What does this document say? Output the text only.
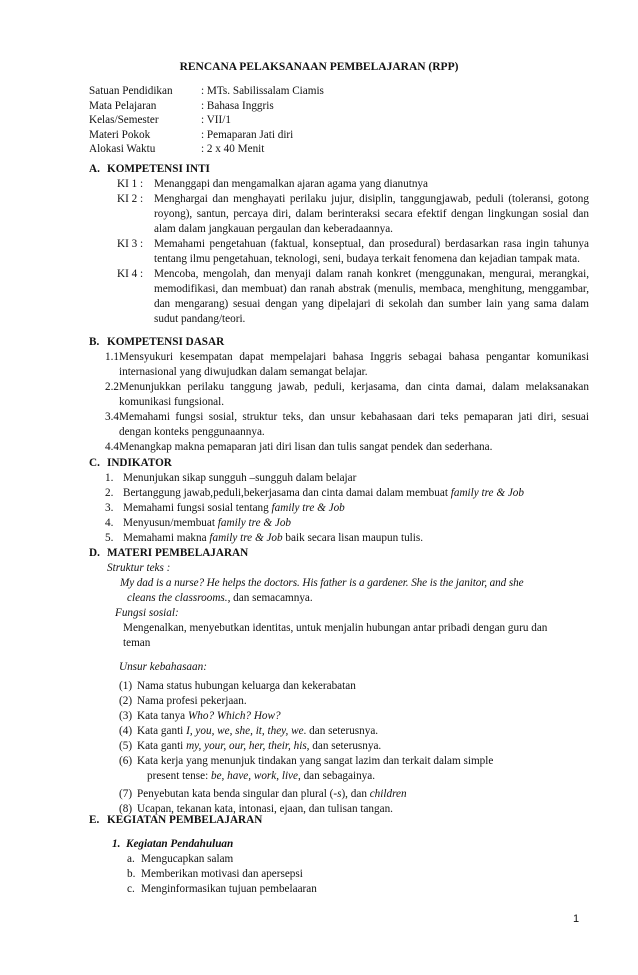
RENCANA PELAKSANAAN PEMBELAJARAN (RPP)
Satuan Pendidikan	: MTs. Sabilissalam Ciamis
Mata Pelajaran	: Bahasa Inggris
Kelas/Semester	: VII/1
Materi Pokok	: Pemaparan Jati diri
Alokasi Waktu	: 2 x 40 Menit
A. KOMPETENSI INTI
KI 1 : Menanggapi dan mengamalkan ajaran agama yang dianutnya
KI 2 : Menghargai dan menghayati perilaku jujur, disiplin, tanggungjawab, peduli (toleransi, gotong royong), santun, percaya diri, dalam berinteraksi secara efektif dengan lingkungan sosial dan alam dalam jangkauan pergaulan dan keberadaannya.
KI 3 : Memahami pengetahuan (faktual, konseptual, dan prosedural) berdasarkan rasa ingin tahunya tentang ilmu pengetahuan, teknologi, seni, budaya terkait fenomena dan kejadian tampak mata.
KI 4 : Mencoba, mengolah, dan menyaji dalam ranah konkret (menggunakan, mengurai, merangkai, memodifikasi, dan membuat) dan ranah abstrak (menulis, membaca, menghitung, menggambar, dan mengarang) sesuai dengan yang dipelajari di sekolah dan sumber lain yang sama dalam sudut pandang/teori.
B. KOMPETENSI DASAR
1.1 Mensyukuri kesempatan dapat mempelajari bahasa Inggris sebagai bahasa pengantar komunikasi internasional yang diwujudkan dalam semangat belajar.
2.2 Menunjukkan perilaku tanggung jawab, peduli, kerjasama, dan cinta damai, dalam melaksanakan komunikasi fungsional.
3.4 Memahami fungsi sosial, struktur teks, dan unsur kebahasaan dari teks pemaparan jati diri, sesuai dengan konteks penggunaannya.
4.4 Menangkap makna pemaparan jati diri lisan dan tulis sangat pendek dan sederhana.
C. INDIKATOR
1. Menunjukan sikap sungguh –sungguh dalam belajar
2. Bertanggung jawab,peduli,bekerjasama dan cinta damai dalam membuat family tre & Job
3. Memahami fungsi sosial tentang family tre & Job
4. Menyusun/membuat family tre & Job
5. Memahami makna family tre & Job baik secara lisan maupun tulis.
D. MATERI PEMBELAJARAN
Struktur teks :
My dad is a nurse? He helps the doctors. His father is a gardener. She is the janitor, and she
cleans the classrooms., dan semacamnya.
Fungsi sosial:
Mengenalkan, menyebutkan identitas, untuk menjalin hubungan antar pribadi dengan guru dan
teman
Unsur kebahasaan:
(1) Nama status hubungan keluarga dan kekerabatan
(2) Nama profesi pekerjaan.
(3) Kata tanya Who? Which? How?
(4) Kata ganti I, you, we, she, it, they, we. dan seterusnya.
(5) Kata ganti my, your, our, her, their, his, dan seterusnya.
(6) Kata kerja yang menunjuk tindakan yang sangat lazim dan terkait dalam simple
present tense: be, have, work, live, dan sebagainya.
(7) Penyebutan kata benda singular dan plural (-s), dan children
(8) Ucapan, tekanan kata, intonasi, ejaan, dan tulisan tangan.
E. KEGIATAN PEMBELAJARAN
1. Kegiatan Pendahuluan
a. Mengucapkan salam
b. Memberikan motivasi dan apersepsi
c. Menginformasikan tujuan pembelaaran
1
